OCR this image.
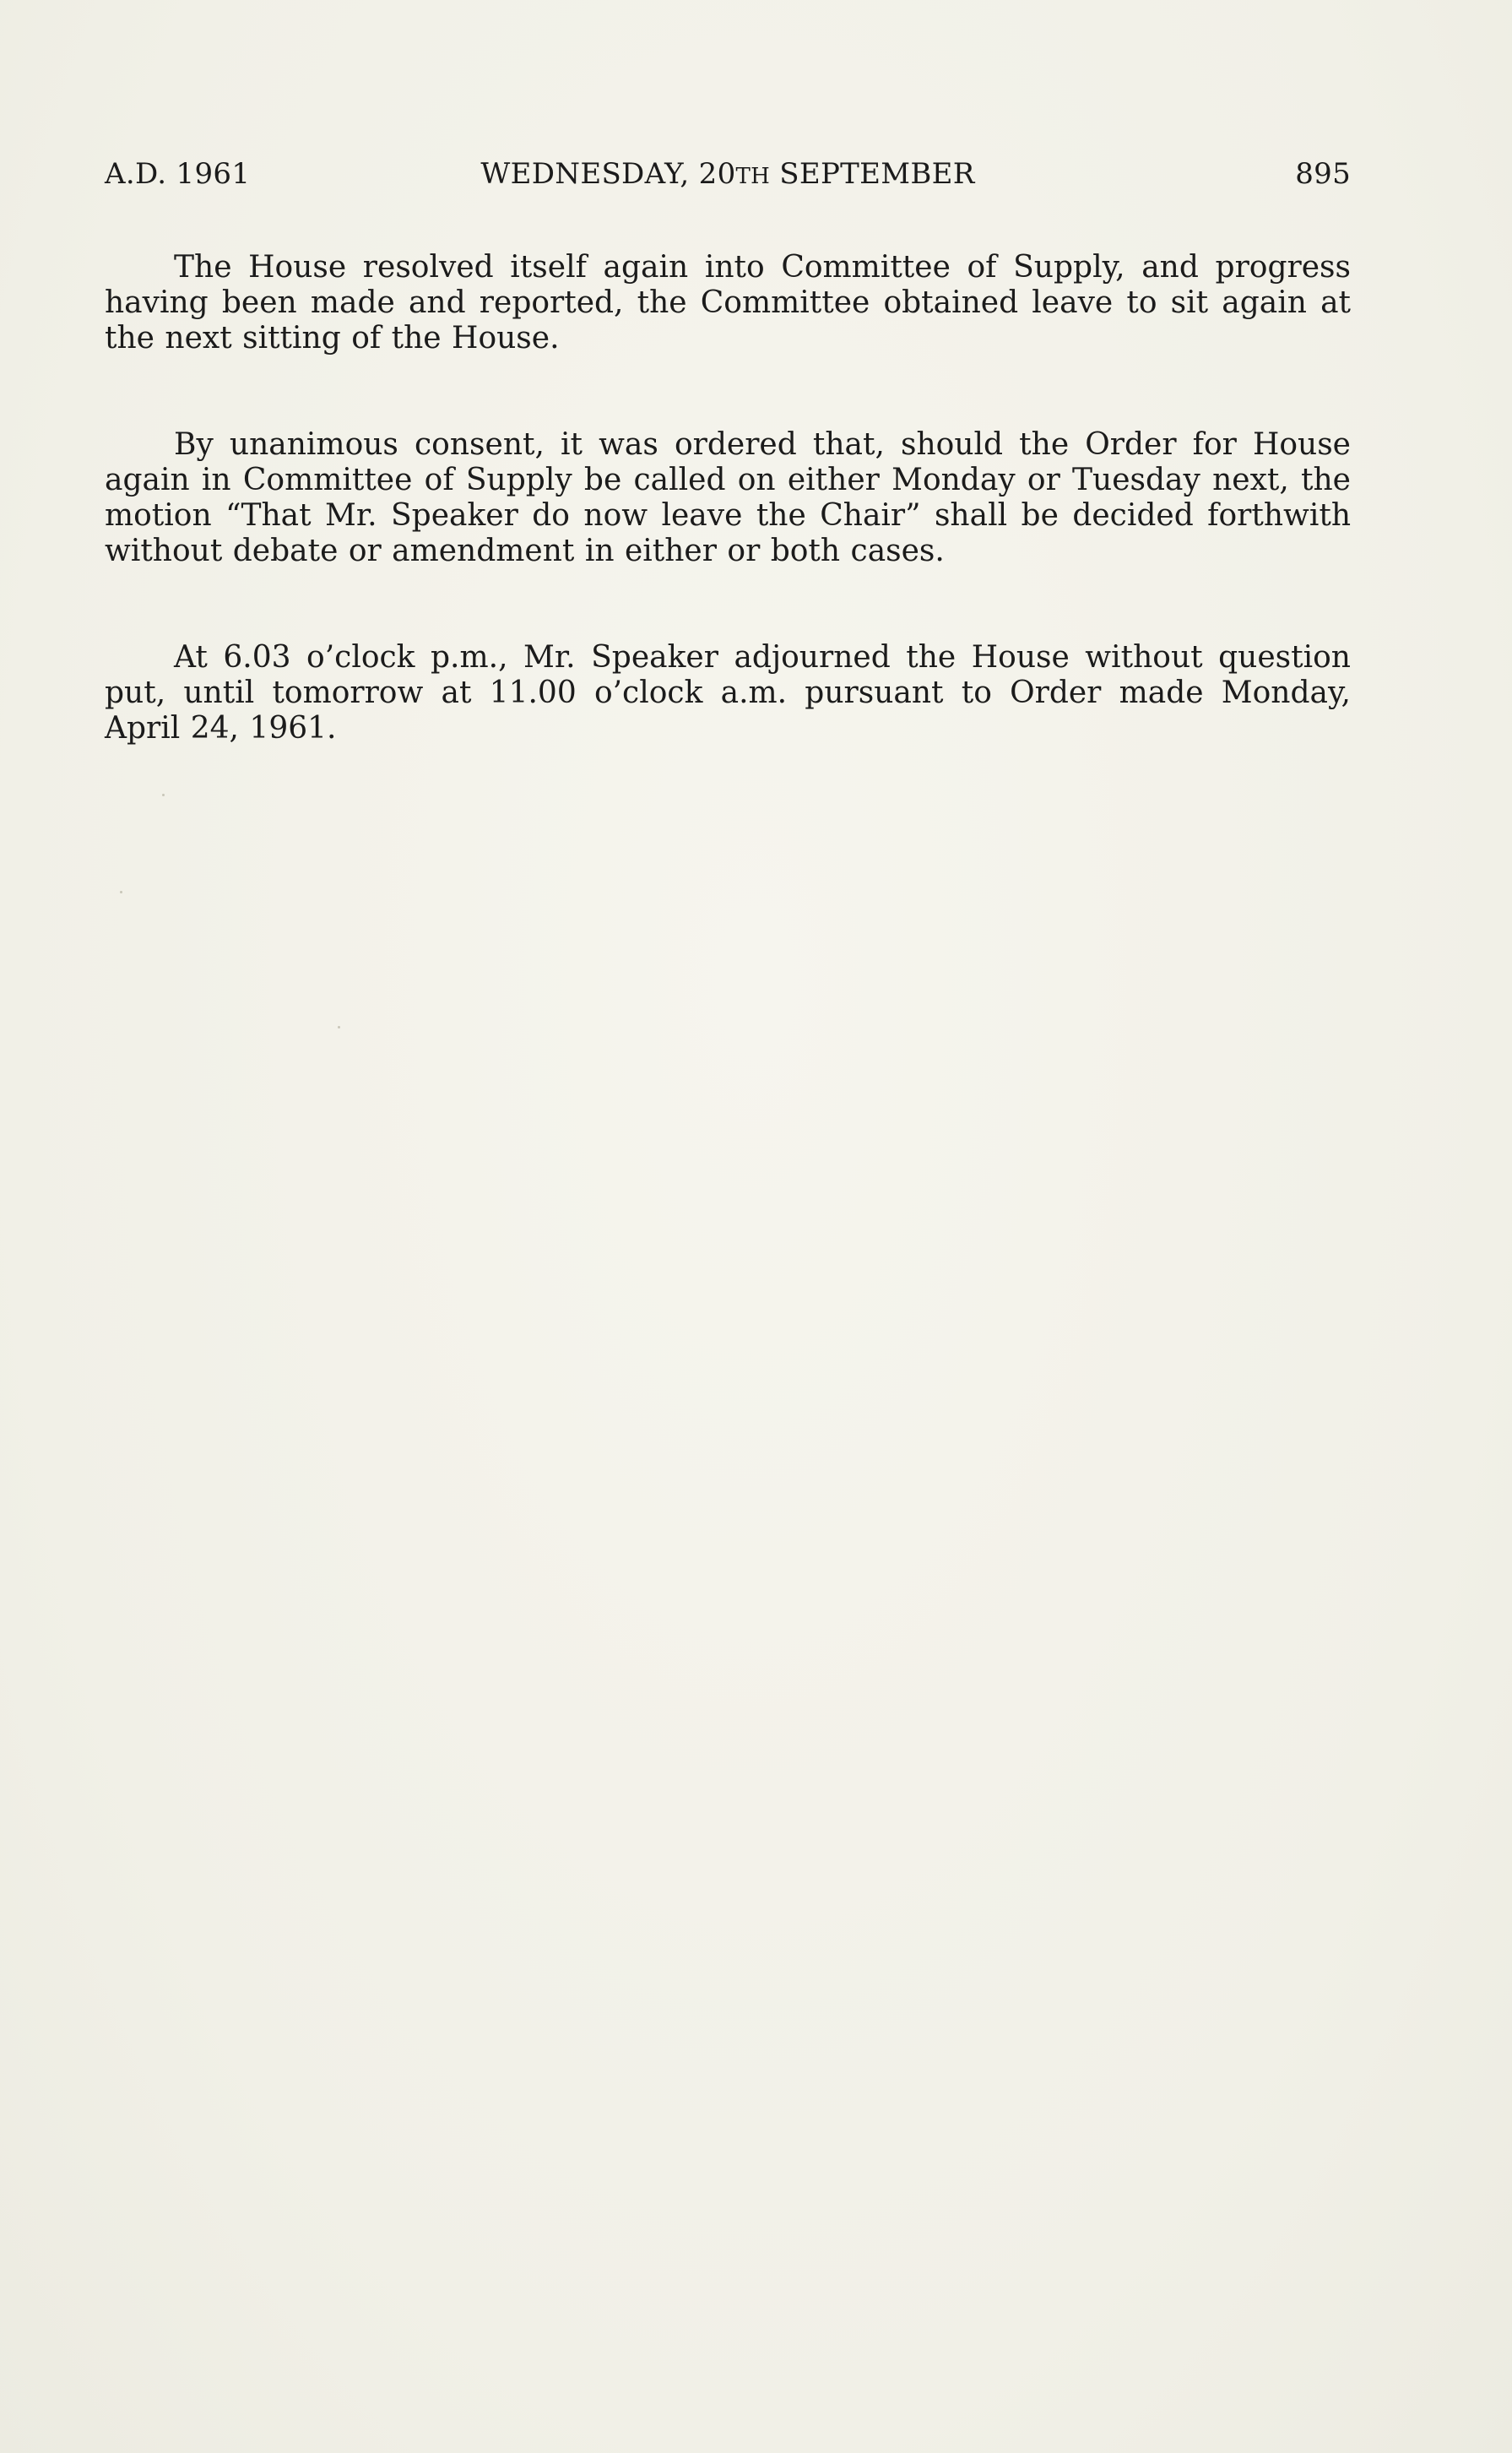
A.D. 1961	WEDNESDAY, 20TH SEPTEMBER	895

The House resolved itself again into Committee of Supply, and progress having been made and reported, the Committee obtained leave to sit again at the next sitting of the House.

By unanimous consent, it was ordered that, should the Order for House again in Committee of Supply be called on either Monday or Tuesday next, the motion “That Mr. Speaker do now leave the Chair” shall be decided forthwith without debate or amendment in either or both cases.

At 6.03 o’clock p.m., Mr. Speaker adjourned the House without question put, until tomorrow at 11.00 o’clock a.m. pursuant to Order made Monday, April 24, 1961.
